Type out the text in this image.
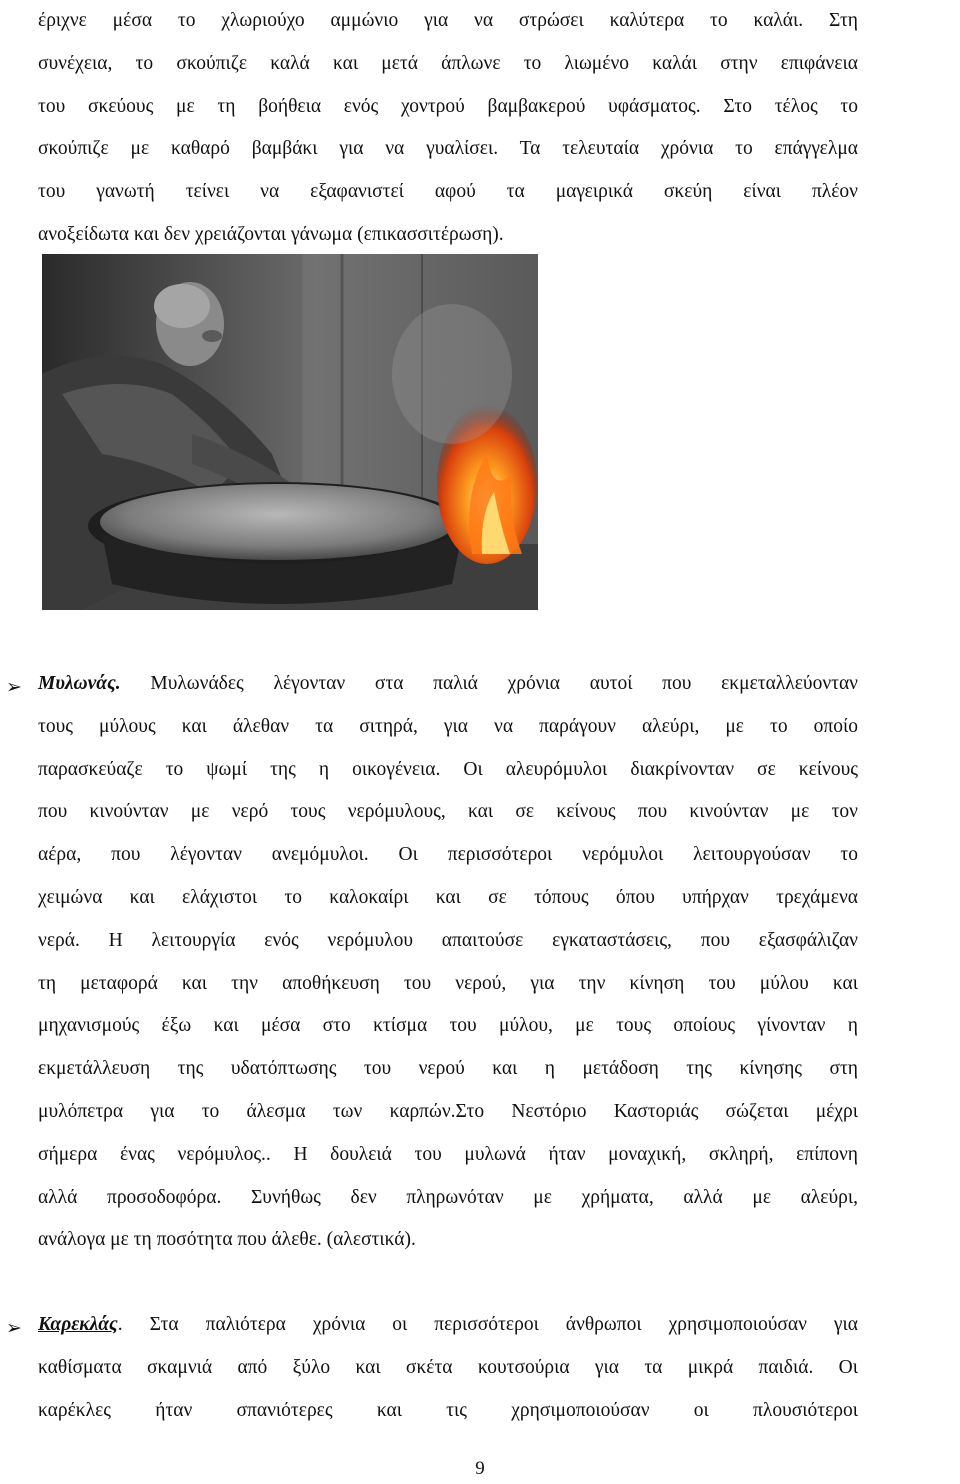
έριχνε μέσα το χλωριούχο αμμώνιο για να στρώσει καλύτερα το καλάι. Στη
συνέχεια, το σκούπιζε καλά και μετά άπλωνε το λιωμένο καλάι στην επιφάνεια
του σκεύους με τη βοήθεια ενός χοντρού βαμβακερού υφάσματος. Στο τέλος το
σκούπιζε με καθαρό βαμβάκι για να γυαλίσει. Τα τελευταία χρόνια το επάγγελμα
του γανωτή τείνει να εξαφανιστεί αφού τα μαγειρικά σκεύη είναι πλέον
ανοξείδωτα και δεν χρειάζονται γάνωμα (επικασσιτέρωση).
➢ Μυλωνάς. Μυλωνάδες λέγονταν στα παλιά χρόνια αυτοί που εκμεταλλεύονταν
τους μύλους και άλεθαν τα σιτηρά, για να παράγουν αλεύρι, με το οποίο
παρασκεύαζε το ψωμί της η οικογένεια. Οι αλευρόμυλοι διακρίνονταν σε κείνους
που κινούνταν με νερό τους νερόμυλους, και σε κείνους που κινούνταν με τον
αέρα, που λέγονταν ανεμόμυλοι. Οι περισσότεροι νερόμυλοι λειτουργούσαν το
χειμώνα και ελάχιστοι το καλοκαίρι και σε τόπους όπου υπήρχαν τρεχάμενα
νερά. Η λειτουργία ενός νερόμυλου απαιτούσε εγκαταστάσεις, που εξασφάλιζαν
τη μεταφορά και την αποθήκευση του νερού, για την κίνηση του μύλου και
μηχανισμούς έξω και μέσα στο κτίσμα του μύλου, με τους οποίους γίνονταν η
εκμετάλλευση της υδατόπτωσης του νερού και η μετάδοση της κίνησης στη
μυλόπετρα για το άλεσμα των καρπών.Στο Νεστόριο Καστοριάς σώζεται μέχρι
σήμερα ένας νερόμυλος.. Η δουλειά του μυλωνά ήταν μοναχική, σκληρή, επίπονη
αλλά προσοδοφόρα. Συνήθως δεν πληρωνόταν με χρήματα, αλλά με αλεύρι,
ανάλογα με τη ποσότητα που άλεθε. (αλεστικά).
➢ Καρεκλάς. Στα παλιότερα χρόνια οι περισσότεροι άνθρωποι χρησιμοποιούσαν για
καθίσματα σκαμνιά από ξύλο και σκέτα κουτσούρια για τα μικρά παιδιά. Οι
καρέκλες ήταν σπανιότερες και τις χρησιμοποιούσαν οι πλουσιότεροι
9
